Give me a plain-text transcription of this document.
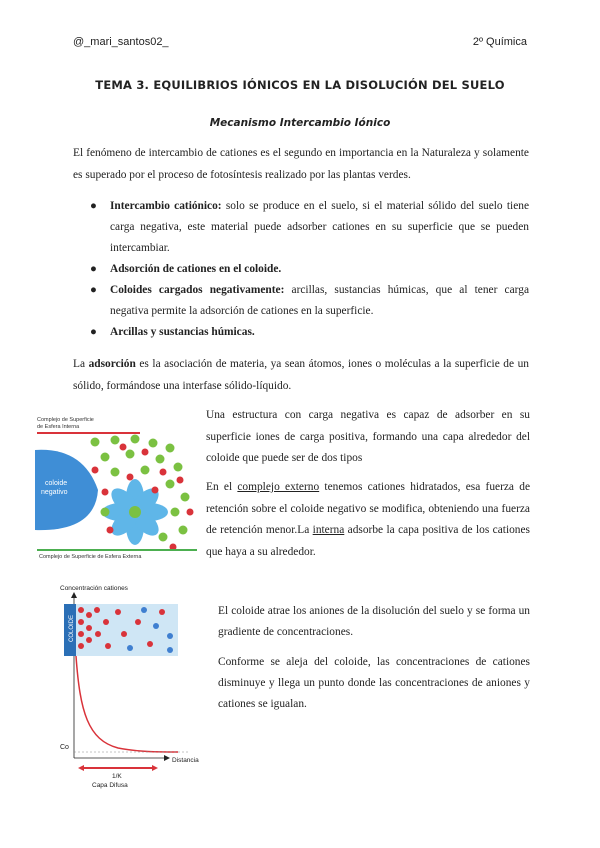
@_mari_santos02_	2º Química
TEMA 3. EQUILIBRIOS IÓNICOS EN LA DISOLUCIÓN DEL SUELO
Mecanismo Intercambio Iónico
El fenómeno de intercambio de cationes es el segundo en importancia en la Naturaleza y solamente es superado por el proceso de fotosíntesis realizado por las plantas verdes.
● Intercambio catiónico: solo se produce en el suelo, si el material sólido del suelo tiene carga negativa, este material puede adsorber cationes en su superficie que se pueden intercambiar.
● Adsorción de cationes en el coloide.
● Coloides cargados negativamente: arcillas, sustancias húmicas, que al tener carga negativa permite la adsorción de cationes en la superficie.
● Arcillas y sustancias húmicas.
La adsorción es la asociación de materia, ya sean átomos, iones o moléculas a la superficie de un sólido, formándose una interfase sólido-líquido.
Complejo de Superficie
de Esfera Interna
coloide
negativo
Complejo de Superficie de Esfera Externa
Una estructura con carga negativa es capaz de adsorber en su superficie iones de carga positiva, formando una capa alrededor del coloide que puede ser de dos tipos
En el complejo externo tenemos cationes hidratados, esa fuerza de retención sobre el coloide negativo se modifica, obteniendo una fuerza de retención menor.La interna adsorbe la capa positiva de los cationes que haya a su alrededor.
Concentración cationes
COLOIDE
Co
Distancia
1/K
Capa Difusa
El coloide atrae los aniones de la disolución del suelo y se forma un gradiente de concentraciones.
Conforme se aleja del coloide, las concentraciones de cationes disminuye y llega un punto donde las concentraciones de aniones y cationes se igualan.
